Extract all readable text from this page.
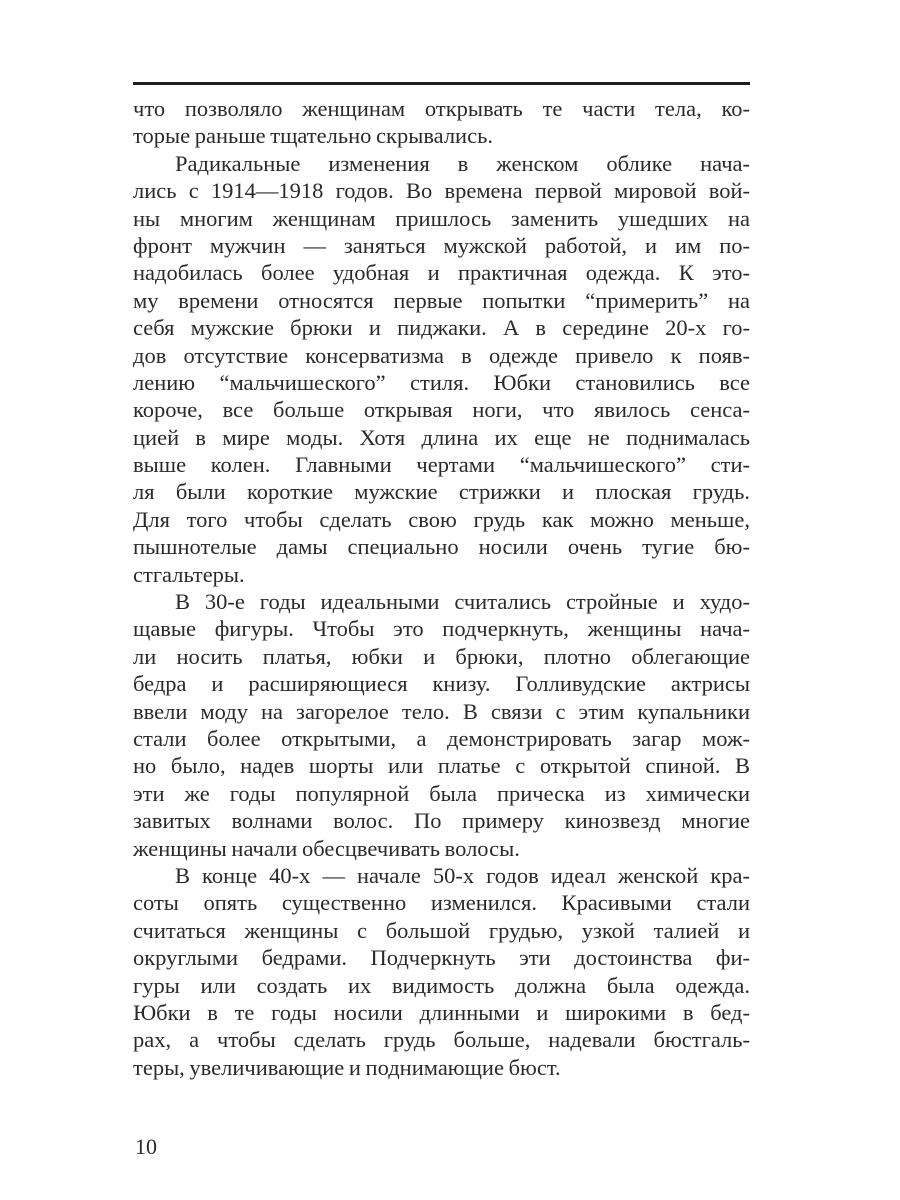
что позволяло женщинам открывать те части тела, ко-
торые раньше тщательно скрывались.
Радикальные изменения в женском облике нача-
лись с 1914—1918 годов. Во времена первой мировой вой-
ны многим женщинам пришлось заменить ушедших на
фронт мужчин — заняться мужской работой, и им по-
надобилась более удобная и практичная одежда. К это-
му времени относятся первые попытки “примерить” на
себя мужские брюки и пиджаки. А в середине 20-х го-
дов отсутствие консерватизма в одежде привело к появ-
лению “мальчишеского” стиля. Юбки становились все
короче, все больше открывая ноги, что явилось сенса-
цией в мире моды. Хотя длина их еще не поднималась
выше колен. Главными чертами “мальчишеского” сти-
ля были короткие мужские стрижки и плоская грудь.
Для того чтобы сделать свою грудь как можно меньше,
пышнотелые дамы специально носили очень тугие бю-
стгальтеры.
В 30-е годы идеальными считались стройные и худо-
щавые фигуры. Чтобы это подчеркнуть, женщины нача-
ли носить платья, юбки и брюки, плотно облегающие
бедра и расширяющиеся книзу. Голливудские актрисы
ввели моду на загорелое тело. В связи с этим купальники
стали более открытыми, а демонстрировать загар мож-
но было, надев шорты или платье с открытой спиной. В
эти же годы популярной была прическа из химически
завитых волнами волос. По примеру кинозвезд многие
женщины начали обесцвечивать волосы.
В конце 40-х — начале 50-х годов идеал женской кра-
соты опять существенно изменился. Красивыми стали
считаться женщины с большой грудью, узкой талией и
округлыми бедрами. Подчеркнуть эти достоинства фи-
гуры или создать их видимость должна была одежда.
Юбки в те годы носили длинными и широкими в бед-
рах, а чтобы сделать грудь больше, надевали бюстгаль-
теры, увеличивающие и поднимающие бюст.
10
